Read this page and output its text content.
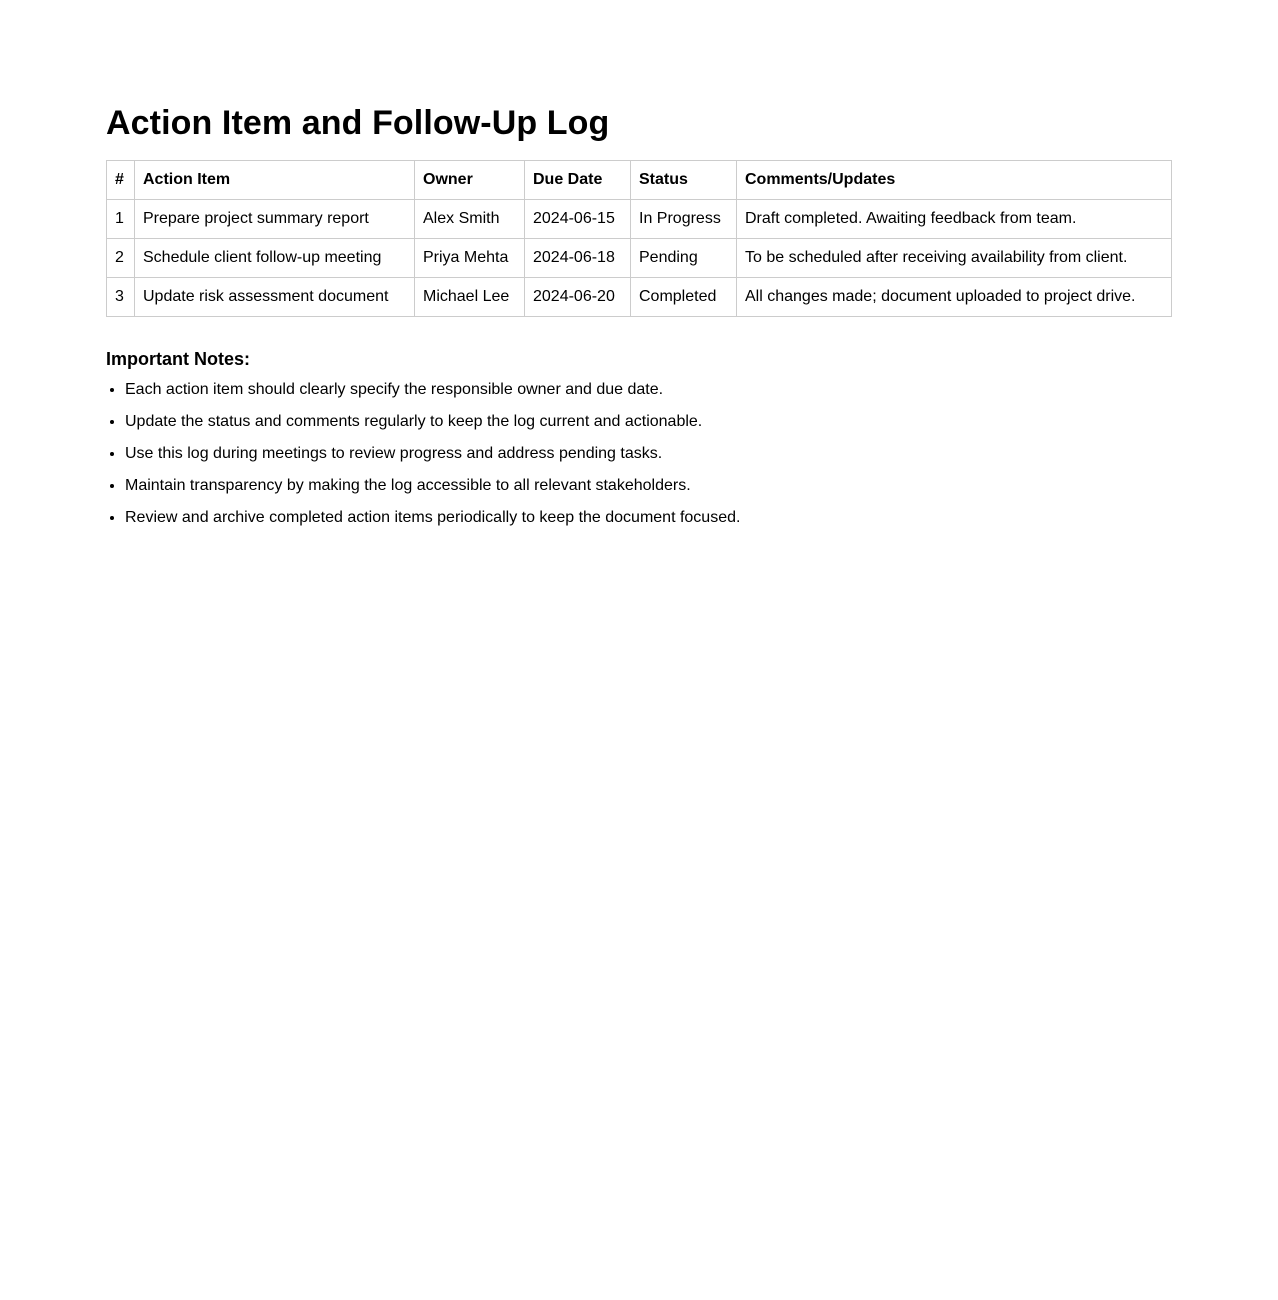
Action Item and Follow-Up Log
#	Action Item	Owner	Due Date	Status	Comments/Updates
1	Prepare project summary report	Alex Smith	2024-06-15	In Progress	Draft completed. Awaiting feedback from team.
2	Schedule client follow-up meeting	Priya Mehta	2024-06-18	Pending	To be scheduled after receiving availability from client.
3	Update risk assessment document	Michael Lee	2024-06-20	Completed	All changes made; document uploaded to project drive.
Important Notes:
• Each action item should clearly specify the responsible owner and due date.
• Update the status and comments regularly to keep the log current and actionable.
• Use this log during meetings to review progress and address pending tasks.
• Maintain transparency by making the log accessible to all relevant stakeholders.
• Review and archive completed action items periodically to keep the document focused.
